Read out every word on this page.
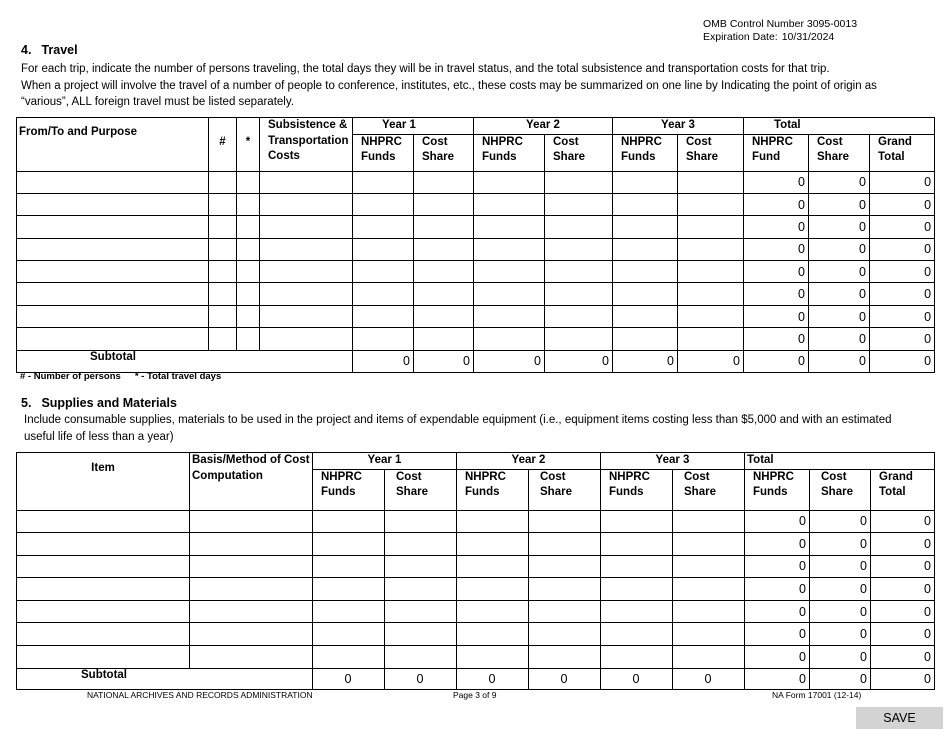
OMB Control Number 3095-0013
Expiration Date: 10/31/2024
4. Travel
For each trip, indicate the number of persons traveling, the total days they will be in travel status, and the total subsistence and transportation costs for that trip.
When a project will involve the travel of a number of people to conference, institutes, etc., these costs may be summarized on one line by Indicating the point of origin as “various”, ALL foreign travel must be listed separately.
From/To and Purpose	#	*	Subsistence & Transportation Costs	Year 1		Year 2		Year 3		Total		
				NHPRC Funds	Cost Share	NHPRC Funds	Cost Share	NHPRC Funds	Cost Share	NHPRC Fund	Cost Share	Grand Total
										0	0	0
										0	0	0
										0	0	0
										0	0	0
										0	0	0
										0	0	0
										0	0	0
										0	0	0
Subtotal	0	0	0	0	0	0	0	0	0
# - Number of persons * - Total travel days
5. Supplies and Materials
Include consumable supplies, materials to be used in the project and items of expendable equipment (i.e., equipment items costing less than $5,000 and with an estimated useful life of less than a year)
Item	Basis/Method of Cost Computation	Year 1		Year 2		Year 3		Total		
		NHPRC Funds	Cost Share	NHPRC Funds	Cost Share	NHPRC Funds	Cost Share	NHPRC Funds	Cost Share	Grand Total
								0	0	0
								0	0	0
								0	0	0
								0	0	0
								0	0	0
								0	0	0
								0	0	0
Subtotal	0	0	0	0	0	0	0	0	0
NATIONAL ARCHIVES AND RECORDS ADMINISTRATION	Page 3 of 9	NA Form 17001 (12-14)
SAVE
